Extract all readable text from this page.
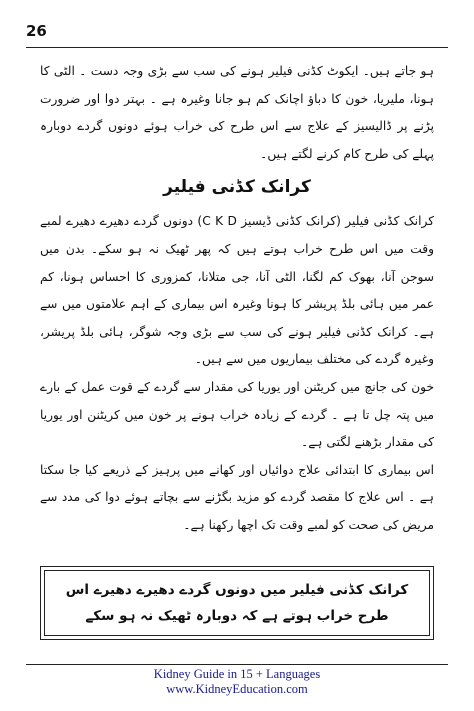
26

ہو جاتے ہیں۔ ایکوٹ کڈنی فیلیر ہونے کی سب سے بڑی وجہ دست ۔ الٹی کا ہونا، ملیریا، خون کا دباؤ اچانک کم ہو جانا وغیرہ ہے ۔ بہتر دوا اور ضرورت پڑنے پر ڈالیسیز کے علاج سے اس طرح کی خراب ہوئے دونوں گردے دوبارہ پہلے کی طرح کام کرنے لگتے ہیں۔

کرانک کڈنی فیلیر

کرانک کڈنی فیلیر (کرانک کڈنی ڈیسیز C K D) دونوں گردے دھیرے دھیرے لمبے وقت میں اس طرح خراب ہوتے ہیں کہ پھر ٹھیک نہ ہو سکے۔ بدن میں سوجن آنا، بھوک کم لگنا، الٹی آنا، جی متلانا، کمزوری کا احساس ہونا، کم عمر میں ہائی بلڈ پریشر کا ہونا وغیرہ اس بیماری کے اہم علامتوں میں سے ہے۔ کرانک کڈنی فیلیر ہونے کی سب سے بڑی وجہ شوگر، ہائی بلڈ پریشر، وغیرہ گردے کی مختلف بیماریوں میں سے ہیں۔

خون کی جانچ میں کریٹنن اور یوریا کی مقدار سے گردے کے قوت عمل کے بارے میں پتہ چل تا ہے ۔ گردے کے زیادہ خراب ہونے پر خون میں کریٹنن اور یوریا کی مقدار بڑھنے لگتی ہے۔

اس بیماری کا ابتدائی علاج دوائیاں اور کھانے میں پرہیز کے ذریعے کیا جا سکتا ہے ۔ اس علاج کا مقصد گردے کو مزید بگڑنے سے بچاتے ہوئے دوا کی مدد سے مریض کی صحت کو لمبے وقت تک اچھا رکھنا ہے۔

کرانک کڈنی فیلیر میں دونوں گردے دھیرے دھیرے اس طرح خراب ہوتے ہے کہ دوبارہ ٹھیک نہ ہو سکے
Kidney Guide in 15 + Languages
www.KidneyEducation.com
